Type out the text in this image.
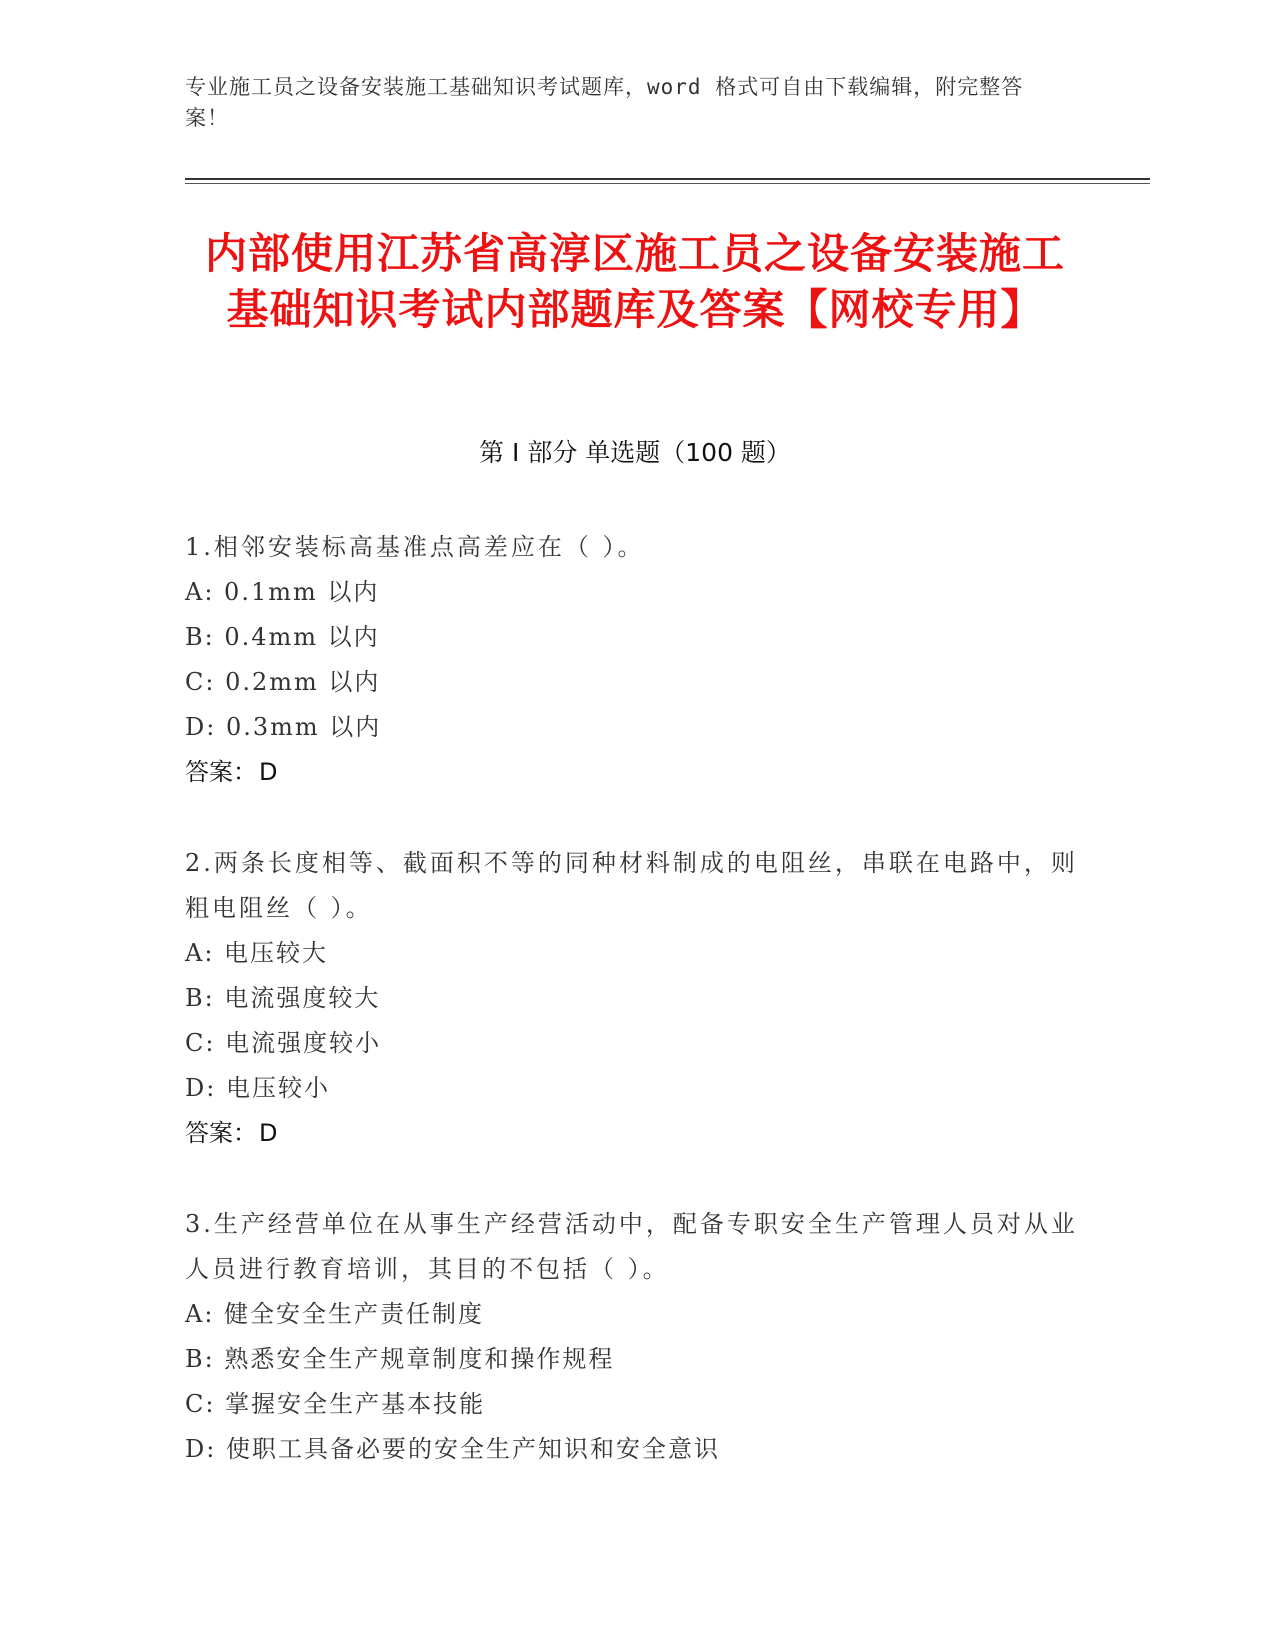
专业施工员之设备安装施工基础知识考试题库，word 格式可自由下载编辑，附完整答案！
内部使用江苏省高淳区施工员之设备安装施工基础知识考试内部题库及答案【网校专用】
第 I 部分 单选题（100 题）

1.相邻安装标高基准点高差应在（ ）。

A: 0.1mm 以内

B: 0.4mm 以内

C: 0.2mm 以内

D: 0.3mm 以内

答案：D

2.两条长度相等、截面积不等的同种材料制成的电阻丝，串联在电路中，则粗电阻丝（ ）。

A: 电压较大

B: 电流强度较大

C: 电流强度较小

D: 电压较小

答案：D

3.生产经营单位在从事生产经营活动中，配备专职安全生产管理人员对从业人员进行教育培训，其目的不包括（ ）。

A: 健全安全生产责任制度

B: 熟悉安全生产规章制度和操作规程

C: 掌握安全生产基本技能

D: 使职工具备必要的安全生产知识和安全意识
